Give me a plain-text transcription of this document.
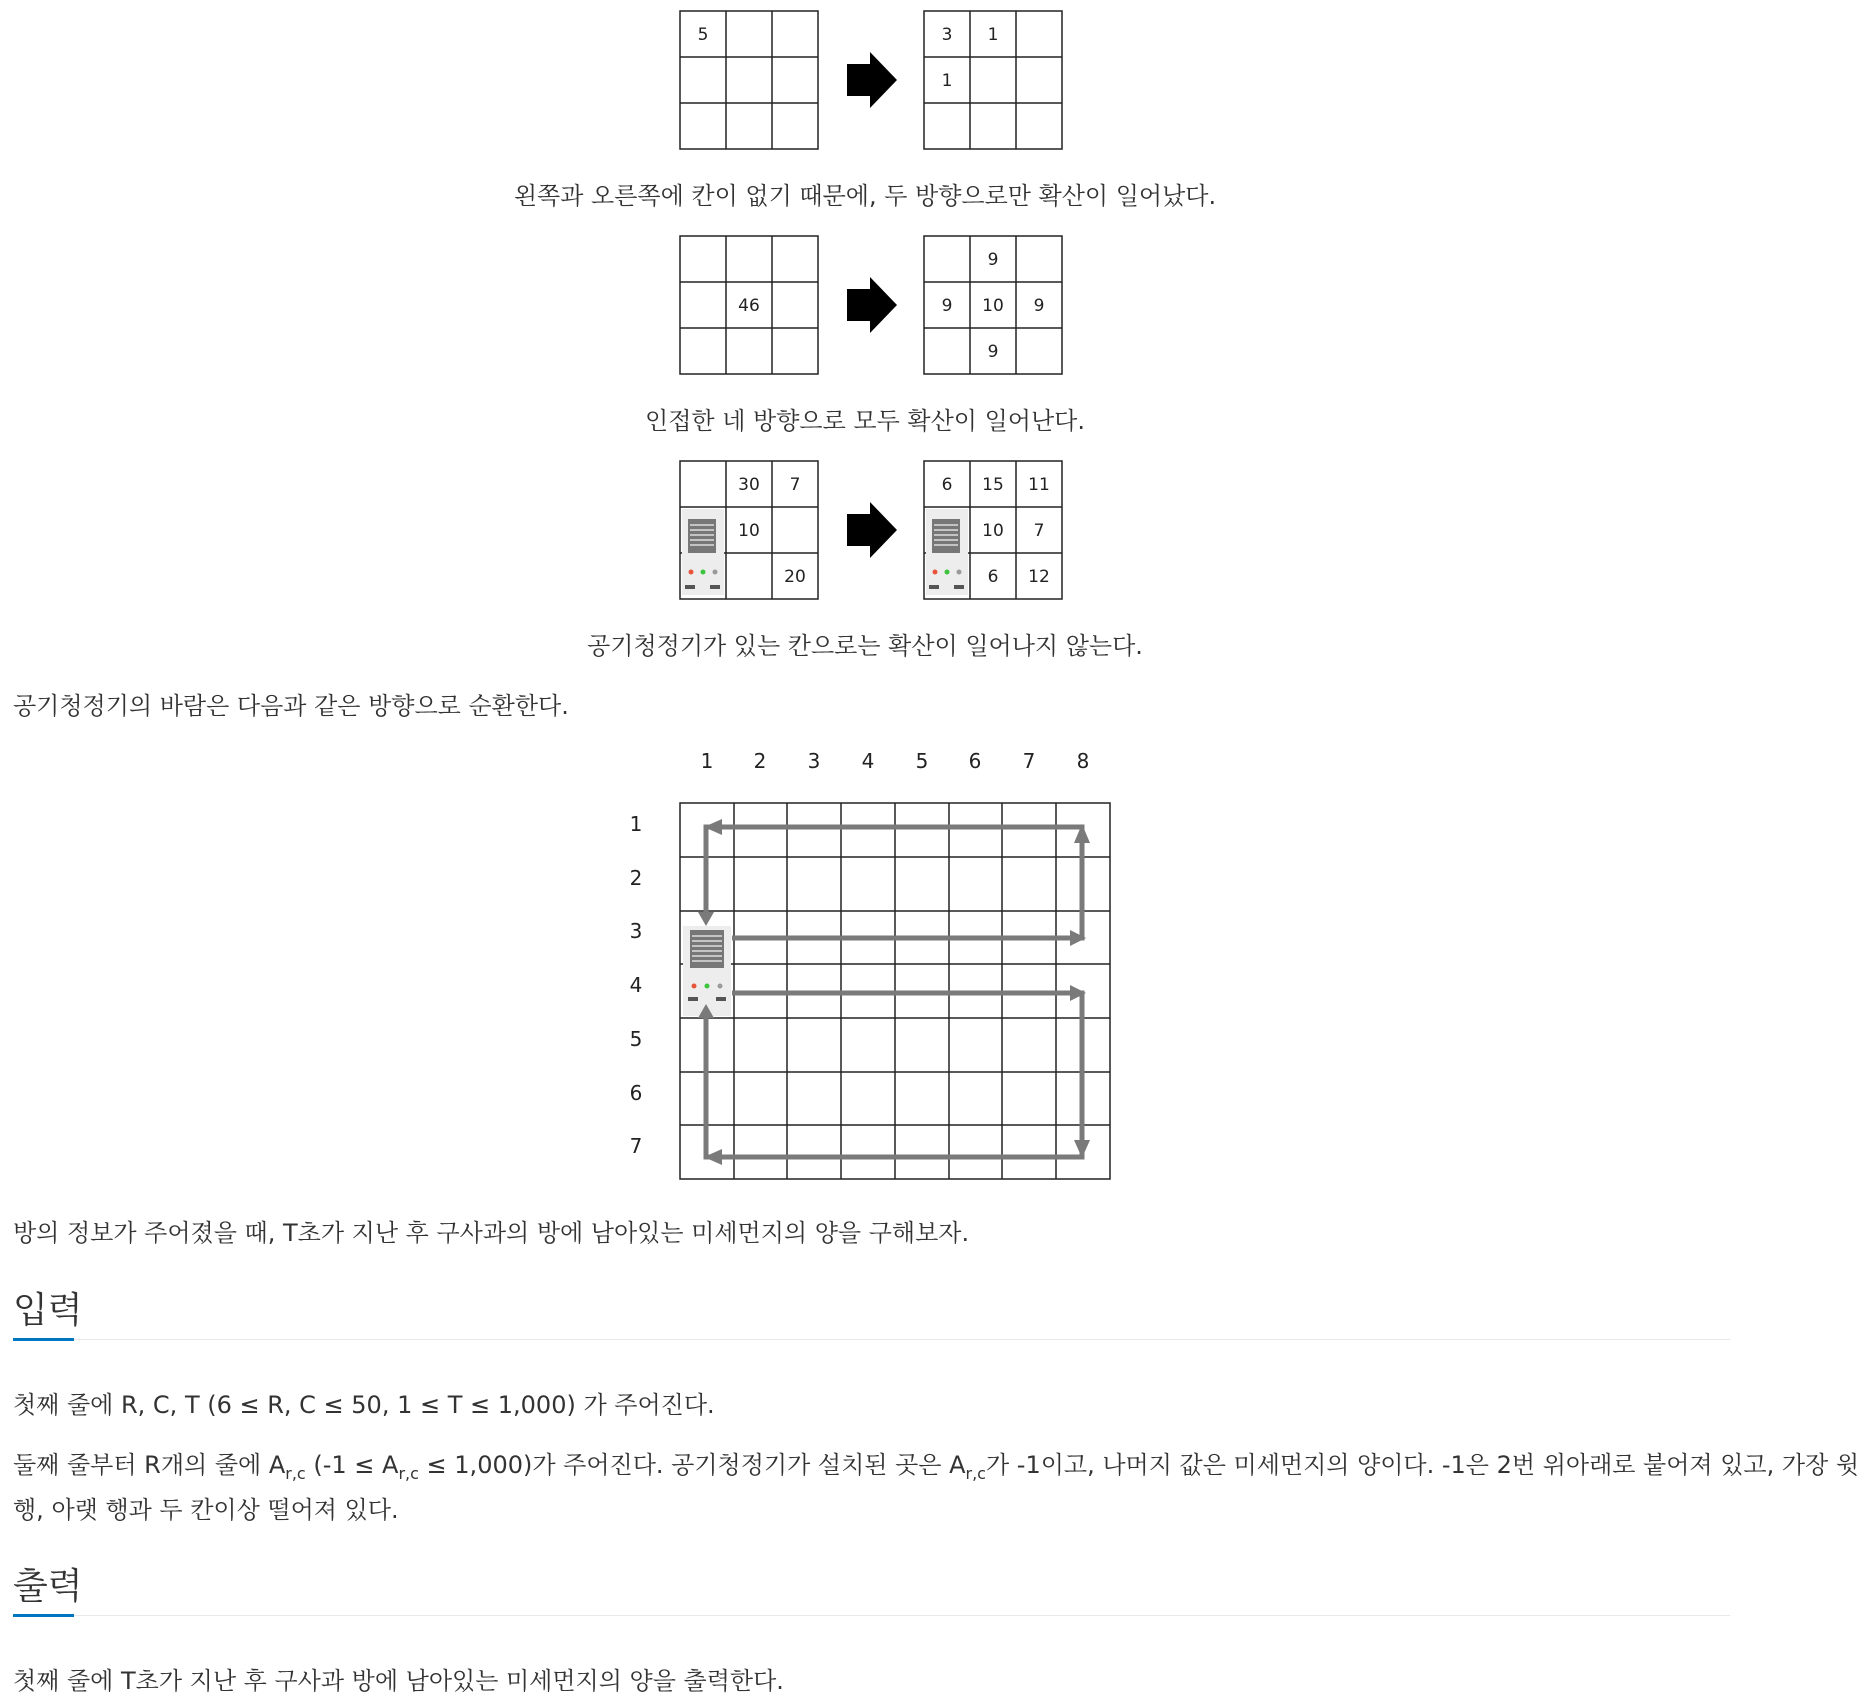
5	3 1
1
왼쪽과 오른쪽에 칸이 없기 때문에, 두 방향으로만 확산이 일어났다.
46
9
9 10 9
9
인접한 네 방향으로 모두 확산이 일어난다.
30 7
10
20
6 15 11
10 7
6 12
공기청정기가 있는 칸으로는 확산이 일어나지 않는다.
공기청정기의 바람은 다음과 같은 방향으로 순환한다.
1 2 3 4 5 6 7 8
1
2
3
4
5
6
7
방의 정보가 주어졌을 때, T초가 지난 후 구사과의 방에 남아있는 미세먼지의 양을 구해보자.
입력
첫째 줄에 R, C, T (6 ≤ R, C ≤ 50, 1 ≤ T ≤ 1,000) 가 주어진다.
둘째 줄부터 R개의 줄에 $A_{r,c}$ $(-1 \le A_{r,c} \le 1,000)$가 주어진다. 공기청정기가 설치된 곳은 $A_{r,c}$가 -1이고, 나머지 값은 미세먼지의 양이다. -1은 2번 위아래로 붙어져 있고, 가장 윗
행, 아랫 행과 두 칸이상 떨어져 있다.
출력
첫째 줄에 T초가 지난 후 구사과 방에 남아있는 미세먼지의 양을 출력한다.
